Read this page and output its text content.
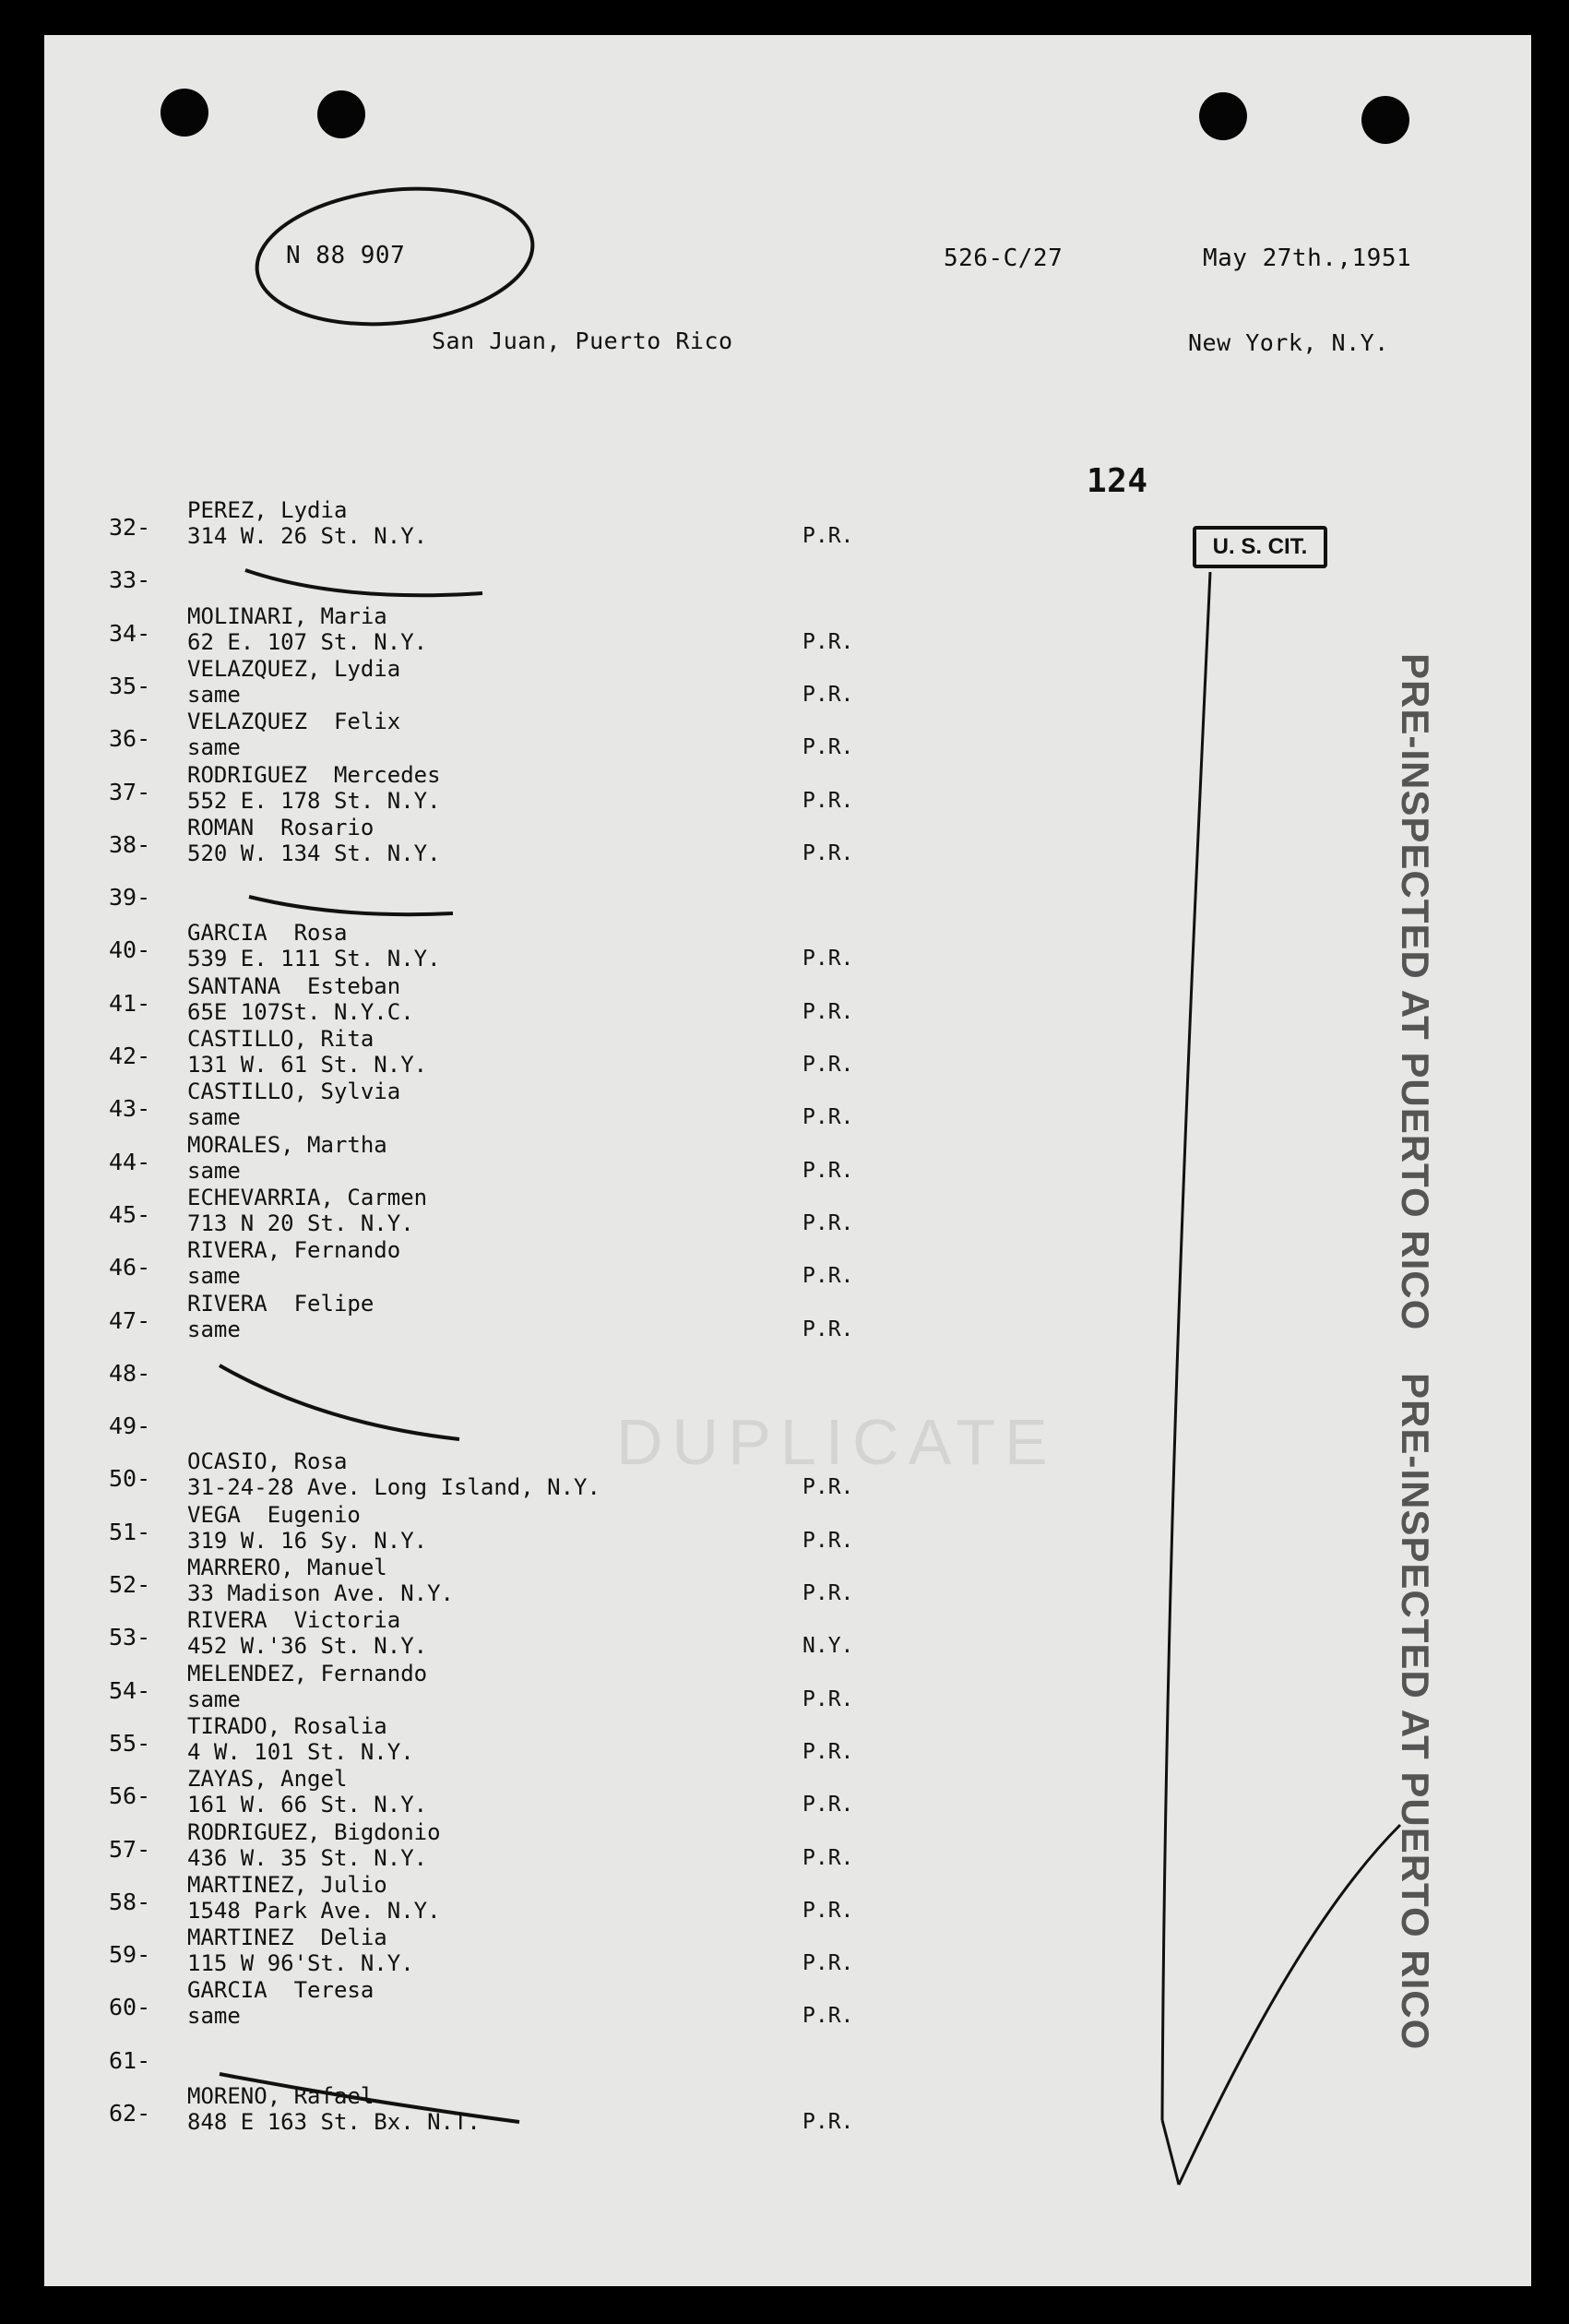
DUPLICATE
N 88 907	526-C/27	May 27th.,1951
San Juan, Puerto Rico	New York, N.Y.
124
U. S. CIT.
PRE-INSPECTED AT PUERTO RICO
PRE-INSPECTED AT PUERTO RICO
32-
PEREZ, Lydia
314 W. 26 St. N.Y.	P.R.
33-
34-
MOLINARI, Maria
62 E. 107 St. N.Y.	P.R.
35-
VELAZQUEZ, Lydia
same	P.R.
36-
VELAZQUEZ  Felix
same	P.R.
37-
RODRIGUEZ  Mercedes
552 E. 178 St. N.Y.	P.R.
38-
ROMAN  Rosario
520 W. 134 St. N.Y.	P.R.
39-
40-
GARCIA  Rosa
539 E. 111 St. N.Y.	P.R.
41-
SANTANA  Esteban
65E 107St. N.Y.C.	P.R.
42-
CASTILLO, Rita
131 W. 61 St. N.Y.	P.R.
43-
CASTILLO, Sylvia
same	P.R.
44-
MORALES, Martha
same	P.R.
45-
ECHEVARRIA, Carmen
713 N 20 St. N.Y.	P.R.
46-
RIVERA, Fernando
same	P.R.
47-
RIVERA  Felipe
same	P.R.
48-
49-
50-
OCASIO, Rosa
31-24-28 Ave. Long Island, N.Y.	P.R.
51-
VEGA  Eugenio
319 W. 16 Sy. N.Y.	P.R.
52-
MARRERO, Manuel
33 Madison Ave. N.Y.	P.R.
53-
RIVERA  Victoria
452 W.'36 St. N.Y.	N.Y.
54-
MELENDEZ, Fernando
same	P.R.
55-
TIRADO, Rosalia
4 W. 101 St. N.Y.	P.R.
56-
ZAYAS, Angel
161 W. 66 St. N.Y.	P.R.
57-
RODRIGUEZ, Bigdonio
436 W. 35 St. N.Y.	P.R.
58-
MARTINEZ, Julio
1548 Park Ave. N.Y.	P.R.
59-
MARTINEZ  Delia
115 W 96'St. N.Y.	P.R.
60-
GARCIA  Teresa
same	P.R.
61-
62-
MORENO, Rafael
848 E 163 St. Bx. N.T.	P.R.
